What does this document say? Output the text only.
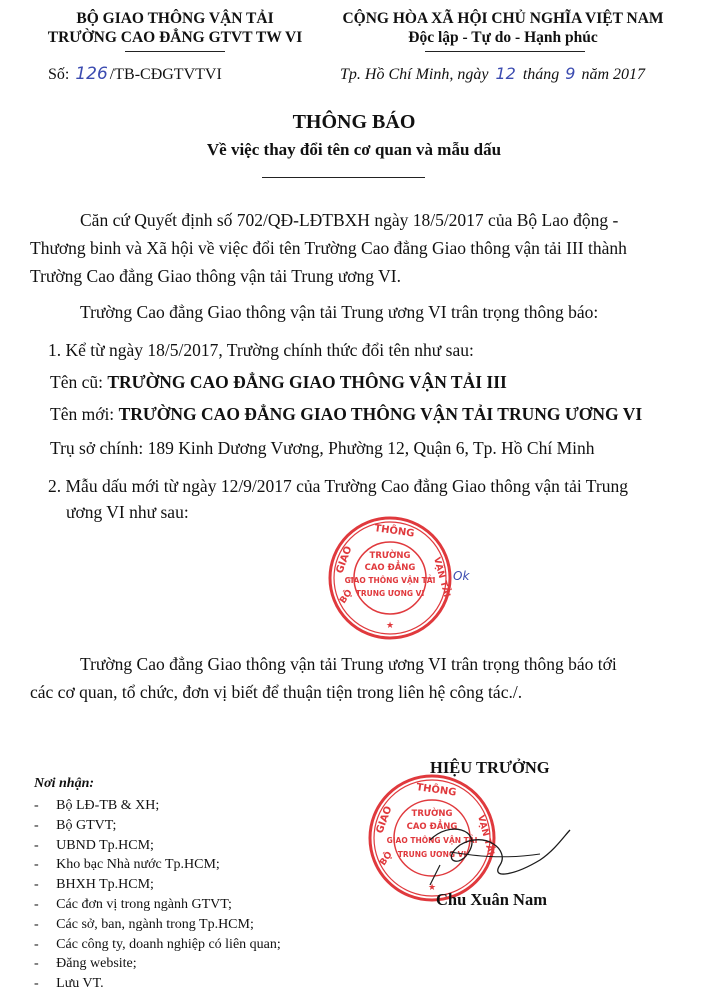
BỘ GIAO THÔNG VẬN TẢI
TRƯỜNG CAO ĐẲNG GTVT TW VI
Số: 126 /TB-CĐGTVTVI
CỘNG HÒA XÃ HỘI CHỦ NGHĨA VIỆT NAM
Độc lập - Tự do - Hạnh phúc
Tp. Hồ Chí Minh, ngày 12 tháng 9 năm 2017
THÔNG BÁO
Về việc thay đổi tên cơ quan và mẫu dấu
Căn cứ Quyết định số 702/QĐ-LĐTBXH ngày 18/5/2017 của Bộ Lao động -
Thương binh và Xã hội về việc đổi tên Trường Cao đẳng Giao thông vận tải III thành
Trường Cao đẳng Giao thông vận tải Trung ương VI.
Trường Cao đẳng Giao thông vận tải Trung ương VI trân trọng thông báo:
1. Kể từ ngày 18/5/2017, Trường chính thức đổi tên như sau:
Tên cũ: TRƯỜNG CAO ĐẲNG GIAO THÔNG VẬN TẢI III
Tên mới: TRƯỜNG CAO ĐẲNG GIAO THÔNG VẬN TẢI TRUNG ƯƠNG VI
Trụ sở chính: 189 Kinh Dương Vương, Phường 12, Quận 6, Tp. Hồ Chí Minh
2. Mẫu dấu mới từ ngày 12/9/2017 của Trường Cao đẳng Giao thông vận tải Trung
ương VI như sau:
GIAO
THÔNG
VẬN TẢI
BỘ
TRƯỜNG
CAO ĐẲNG
GIAO THÔNG VẬN TẢI
TRUNG ƯƠNG VI
★
Ok
Trường Cao đẳng Giao thông vận tải Trung ương VI trân trọng thông báo tới
các cơ quan, tổ chức, đơn vị biết để thuận tiện trong liên hệ công tác./.
HIỆU TRƯỞNG
GIAO
THÔNG
VẬN TẢI
BỘ
TRƯỜNG
CAO ĐẲNG
GIAO THÔNG VẬN TẢI
TRUNG ƯƠNG VI
★
Chu Xuân Nam
Nơi nhận:
-     Bộ LĐ-TB & XH;
-     Bộ GTVT;
-     UBND Tp.HCM;
-     Kho bạc Nhà nước Tp.HCM;
-     BHXH Tp.HCM;
-     Các đơn vị trong ngành GTVT;
-     Các sở, ban, ngành trong Tp.HCM;
-     Các công ty, doanh nghiệp có liên quan;
-     Đăng website;
-     Lưu VT.
